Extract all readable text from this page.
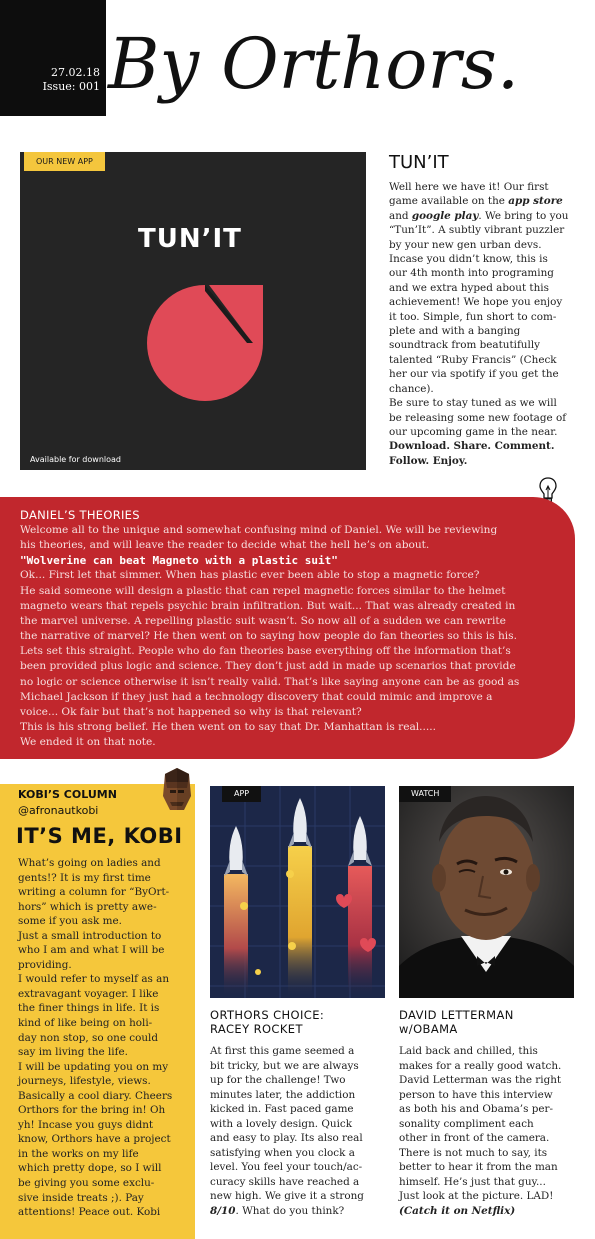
27.02.18
Issue: 001 By Orthors.
OUR NEW APP
TUN’IT
Available for download
TUN’IT
Well here we have it! Our first
game available on the app store
and google play. We bring to you
“Tun’It”. A subtly vibrant puzzler
by your new gen urban devs.
Incase you didn’t know, this is
our 4th month into programing
and we extra hyped about this
achievement! We hope you enjoy
it too. Simple, fun short to com-
plete and with a banging
soundtrack from beatutifully
talented “Ruby Francis” (Check
her our via spotify if you get the
chance).
Be sure to stay tuned as we will
be releasing some new footage of
our upcoming game in the near.
Download. Share. Comment.
Follow. Enjoy.
DANIEL’S THEORIES
Welcome all to the unique and somewhat confusing mind of Daniel. We will be reviewing
his theories, and will leave the reader to decide what the hell he’s on about.
"Wolverine can beat Magneto with a plastic suit"
Ok... First let that simmer. When has plastic ever been able to stop a magnetic force?
He said someone will design a plastic that can repel magnetic forces similar to the helmet
magneto wears that repels psychic brain infiltration. But wait... That was already created in
the marvel universe. A repelling plastic suit wasn’t. So now all of a sudden we can rewrite
the narrative of marvel? He then went on to saying how people do fan theories so this is his.
Lets set this straight. People who do fan theories base everything off the information that’s
been provided plus logic and science. They don’t just add in made up scenarios that provide
no logic or science otherwise it isn’t really valid. That’s like saying anyone can be as good as
Michael Jackson if they just had a technology discovery that could mimic and improve a
voice... Ok fair but that’s not happened so why is that relevant?
This is his strong belief. He then went on to say that Dr. Manhattan is real.....
We ended it on that note.
KOBI’S COLUMN
@afronautkobi
IT’S ME, KOBI
What’s going on ladies and
gents!? It is my first time
writing a column for “ByOrt-
hors” which is pretty awe-
some if you ask me.
Just a small introduction to
who I am and what I will be
providing.
I would refer to myself as an
extravagant voyager. I like
the finer things in life. It is
kind of like being on holi-
day non stop, so one could
say im living the life.
I will be updating you on my
journeys, lifestyle, views.
Basically a cool diary. Cheers
Orthors for the bring in! Oh
yh! Incase you guys didnt
know, Orthors have a project
in the works on my life
which pretty dope, so I will
be giving you some exclu-
sive inside treats ;). Pay
attentions! Peace out. Kobi
APP
ORTHORS CHOICE:
RACEY ROCKET
At first this game seemed a
bit tricky, but we are always
up for the challenge! Two
minutes later, the addiction
kicked in. Fast paced game
with a lovely design. Quick
and easy to play. Its also real
satisfying when you clock a
level. You feel your touch/ac-
curacy skills have reached a
new high. We give it a strong
8/10. What do you think?
WATCH
DAVID LETTERMAN
w/OBAMA
Laid back and chilled, this
makes for a really good watch.
David Letterman was the right
person to have this interview
as both his and Obama’s per-
sonality compliment each
other in front of the camera.
There is not much to say, its
better to hear it from the man
himself. He’s just that guy...
Just look at the picture. LAD!
(Catch it on Netflix)
